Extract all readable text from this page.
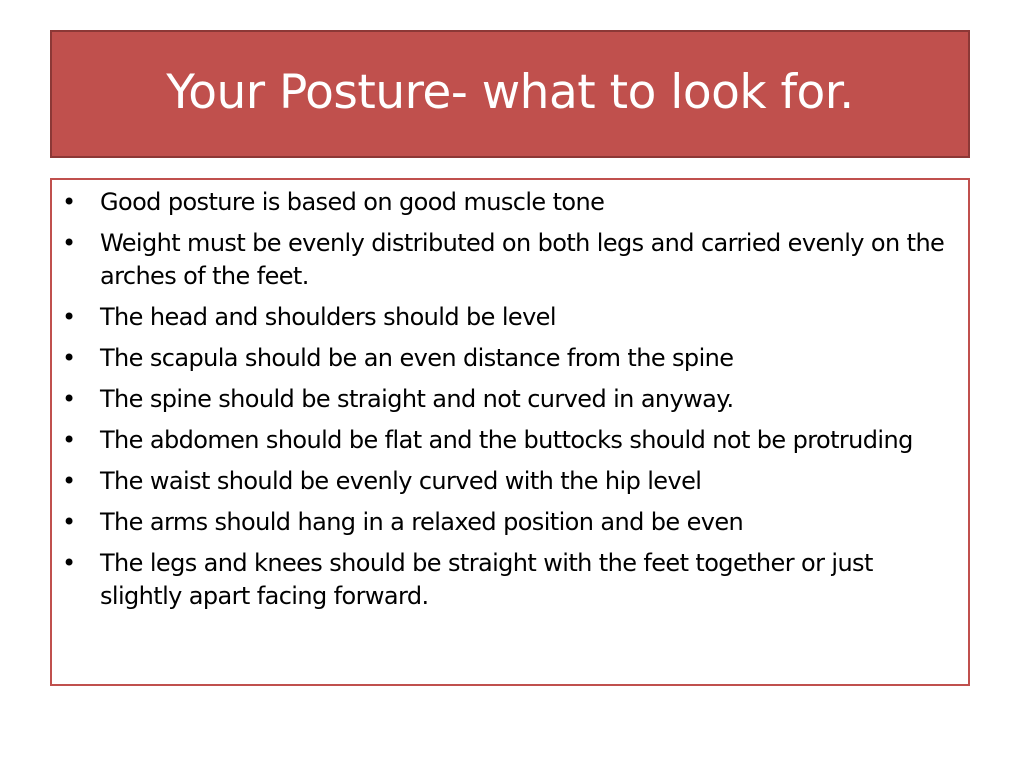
Your Posture- what to look for.
•	Good posture is based on good muscle tone
•	Weight must be evenly distributed on both legs and carried evenly on the arches of the feet.
•	The head and shoulders should be level
•	The scapula should be an even distance from the spine
•	The spine should be straight and not curved in anyway.
•	The abdomen should be flat and the buttocks should not be protruding
•	The waist should be evenly curved with the hip level
•	The arms should hang in a relaxed position and be even
•	The legs and knees should be straight with the feet together or just slightly apart facing forward.
